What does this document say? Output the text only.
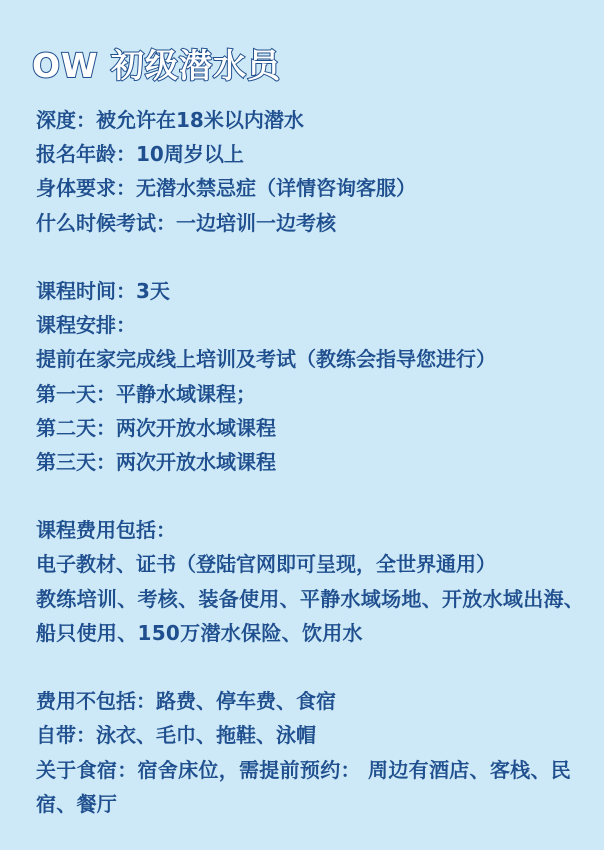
OW 初级潜水员
深度：被允许在18米以内潜水
报名年龄：10周岁以上
身体要求：无潜水禁忌症（详情咨询客服）
什么时候考试：一边培训一边考核
课程时间：3天
课程安排：
提前在家完成线上培训及考试（教练会指导您进行）
第一天：平静水域课程；
第二天：两次开放水域课程
第三天：两次开放水域课程
课程费用包括：
电子教材、证书（登陆官网即可呈现，全世界通用）
教练培训、考核、装备使用、平静水域场地、开放水域出海、船只使用、150万潜水保险、饮用水
费用不包括：路费、停车费、食宿
自带：泳衣、毛巾、拖鞋、泳帽
关于食宿：宿舍床位，需提前预约： 周边有酒店、客栈、民宿、餐厅
